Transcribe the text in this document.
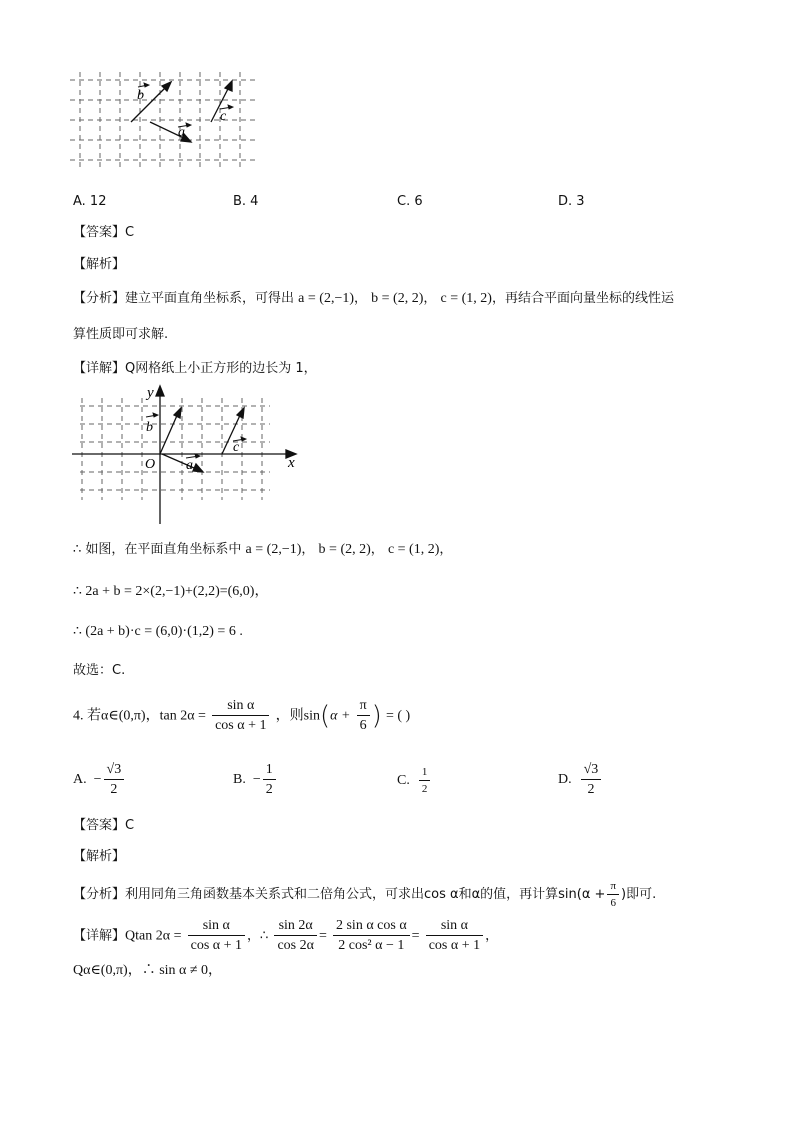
b
a
c
A. 12	B. 4	C. 6	D. 3
【答案】C
【解析】
【分析】建立平面直角坐标系，可得出 a = (2,−1)， b = (2, 2)， c = (1, 2)，再结合平面向量坐标的线性运
算性质即可求解.
【详解】Q网格纸上小正方形的边长为 1，
y
x
O
b
a
c
∴ 如图，在平面直角坐标系中 a = (2,−1)， b = (2, 2)， c = (1, 2)，
∴ 2a + b = 2×(2,−1)+(2,2)=(6,0)，
∴ (2a + b)·c = (6,0)·(1,2) = 6 .
故选：C.
4. 若α∈(0,π)，$\tan 2\alpha = \frac{\text{sin α}}{\text{cos α + 1}}$ ，则$\sin(\alpha + \frac{\pi}{6}$ ) = ( )
A. − $\frac{√3}{2}$	B. − $\frac{1}{2}$	C. $\frac{1}{2}$	D. $\frac{√3}{2}$
【答案】C
【解析】
【分析】利用同角三角函数基本关系式和二倍角公式，可求出cos α和α的值，再计算$\sin(\alpha + \frac{\pi}{6}$ )即可.
【详解】Qtan $2\alpha = \frac{\text{sin α}}{\text{cos α + 1}}$ ，∴ $\frac{\sin 2\alpha}{\cos 2\alpha} = \frac{\text{2 sin α cos α}}{\text{2 cos² α − 1}} = \frac{\text{sin α}}{\text{cos α + 1}}$ ，
Qα∈(0,π)，∴ sin α ≠ 0，
